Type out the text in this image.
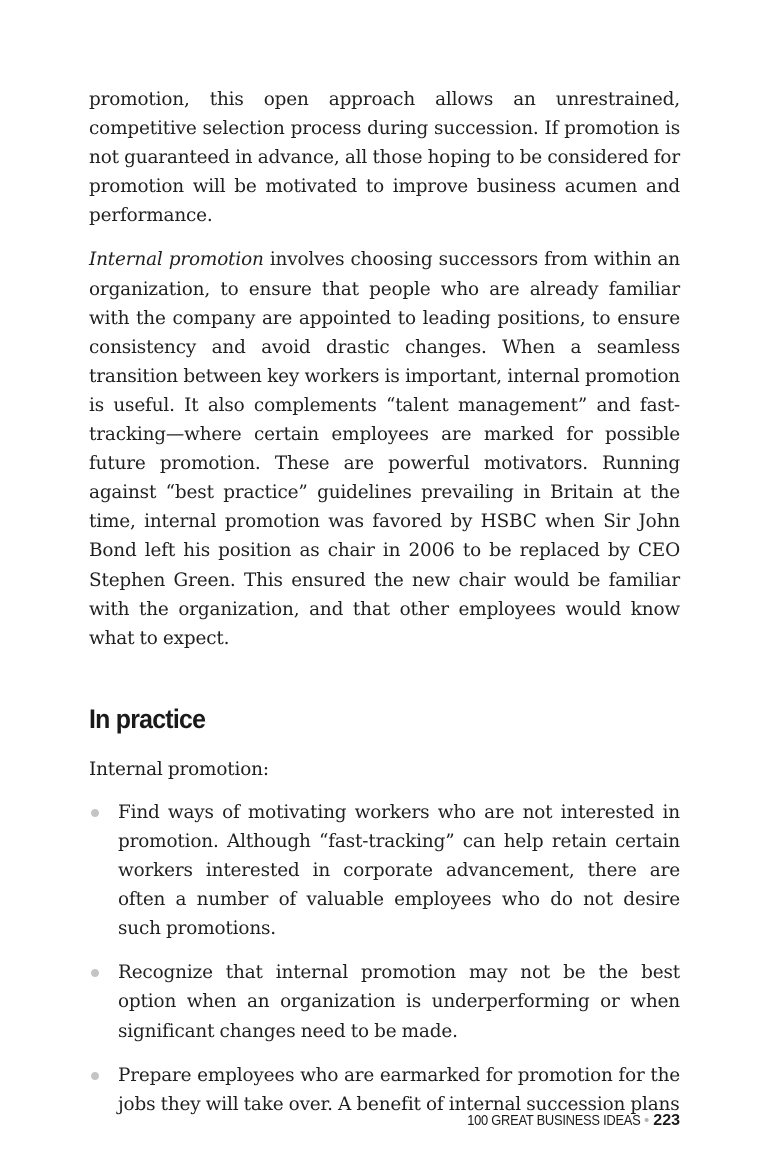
promotion, this open approach allows an unrestrained, competitive selection process during succession. If promotion is not guaranteed in advance, all those hoping to be considered for promotion will be motivated to improve business acumen and performance.

Internal promotion involves choosing successors from within an organization, to ensure that people who are already familiar with the company are appointed to leading positions, to ensure consistency and avoid drastic changes. When a seamless transition between key workers is important, internal promotion is useful. It also complements “talent management” and fast-tracking—where certain employees are marked for possible future promotion. These are powerful motivators. Running against “best practice” guidelines prevailing in Britain at the time, internal promotion was favored by HSBC when Sir John Bond left his position as chair in 2006 to be replaced by CEO Stephen Green. This ensured the new chair would be familiar with the organization, and that other employees would know what to expect.

In practice

Internal promotion:

Find ways of motivating workers who are not interested in promotion. Although “fast-tracking” can help retain certain workers interested in corporate advancement, there are often a number of valuable employees who do not desire such promotions.
Recognize that internal promotion may not be the best option when an organization is underperforming or when significant changes need to be made.
Prepare employees who are earmarked for promotion for the jobs they will take over. A benefit of internal succession plans
100 GREAT BUSINESS IDEAS • 223
